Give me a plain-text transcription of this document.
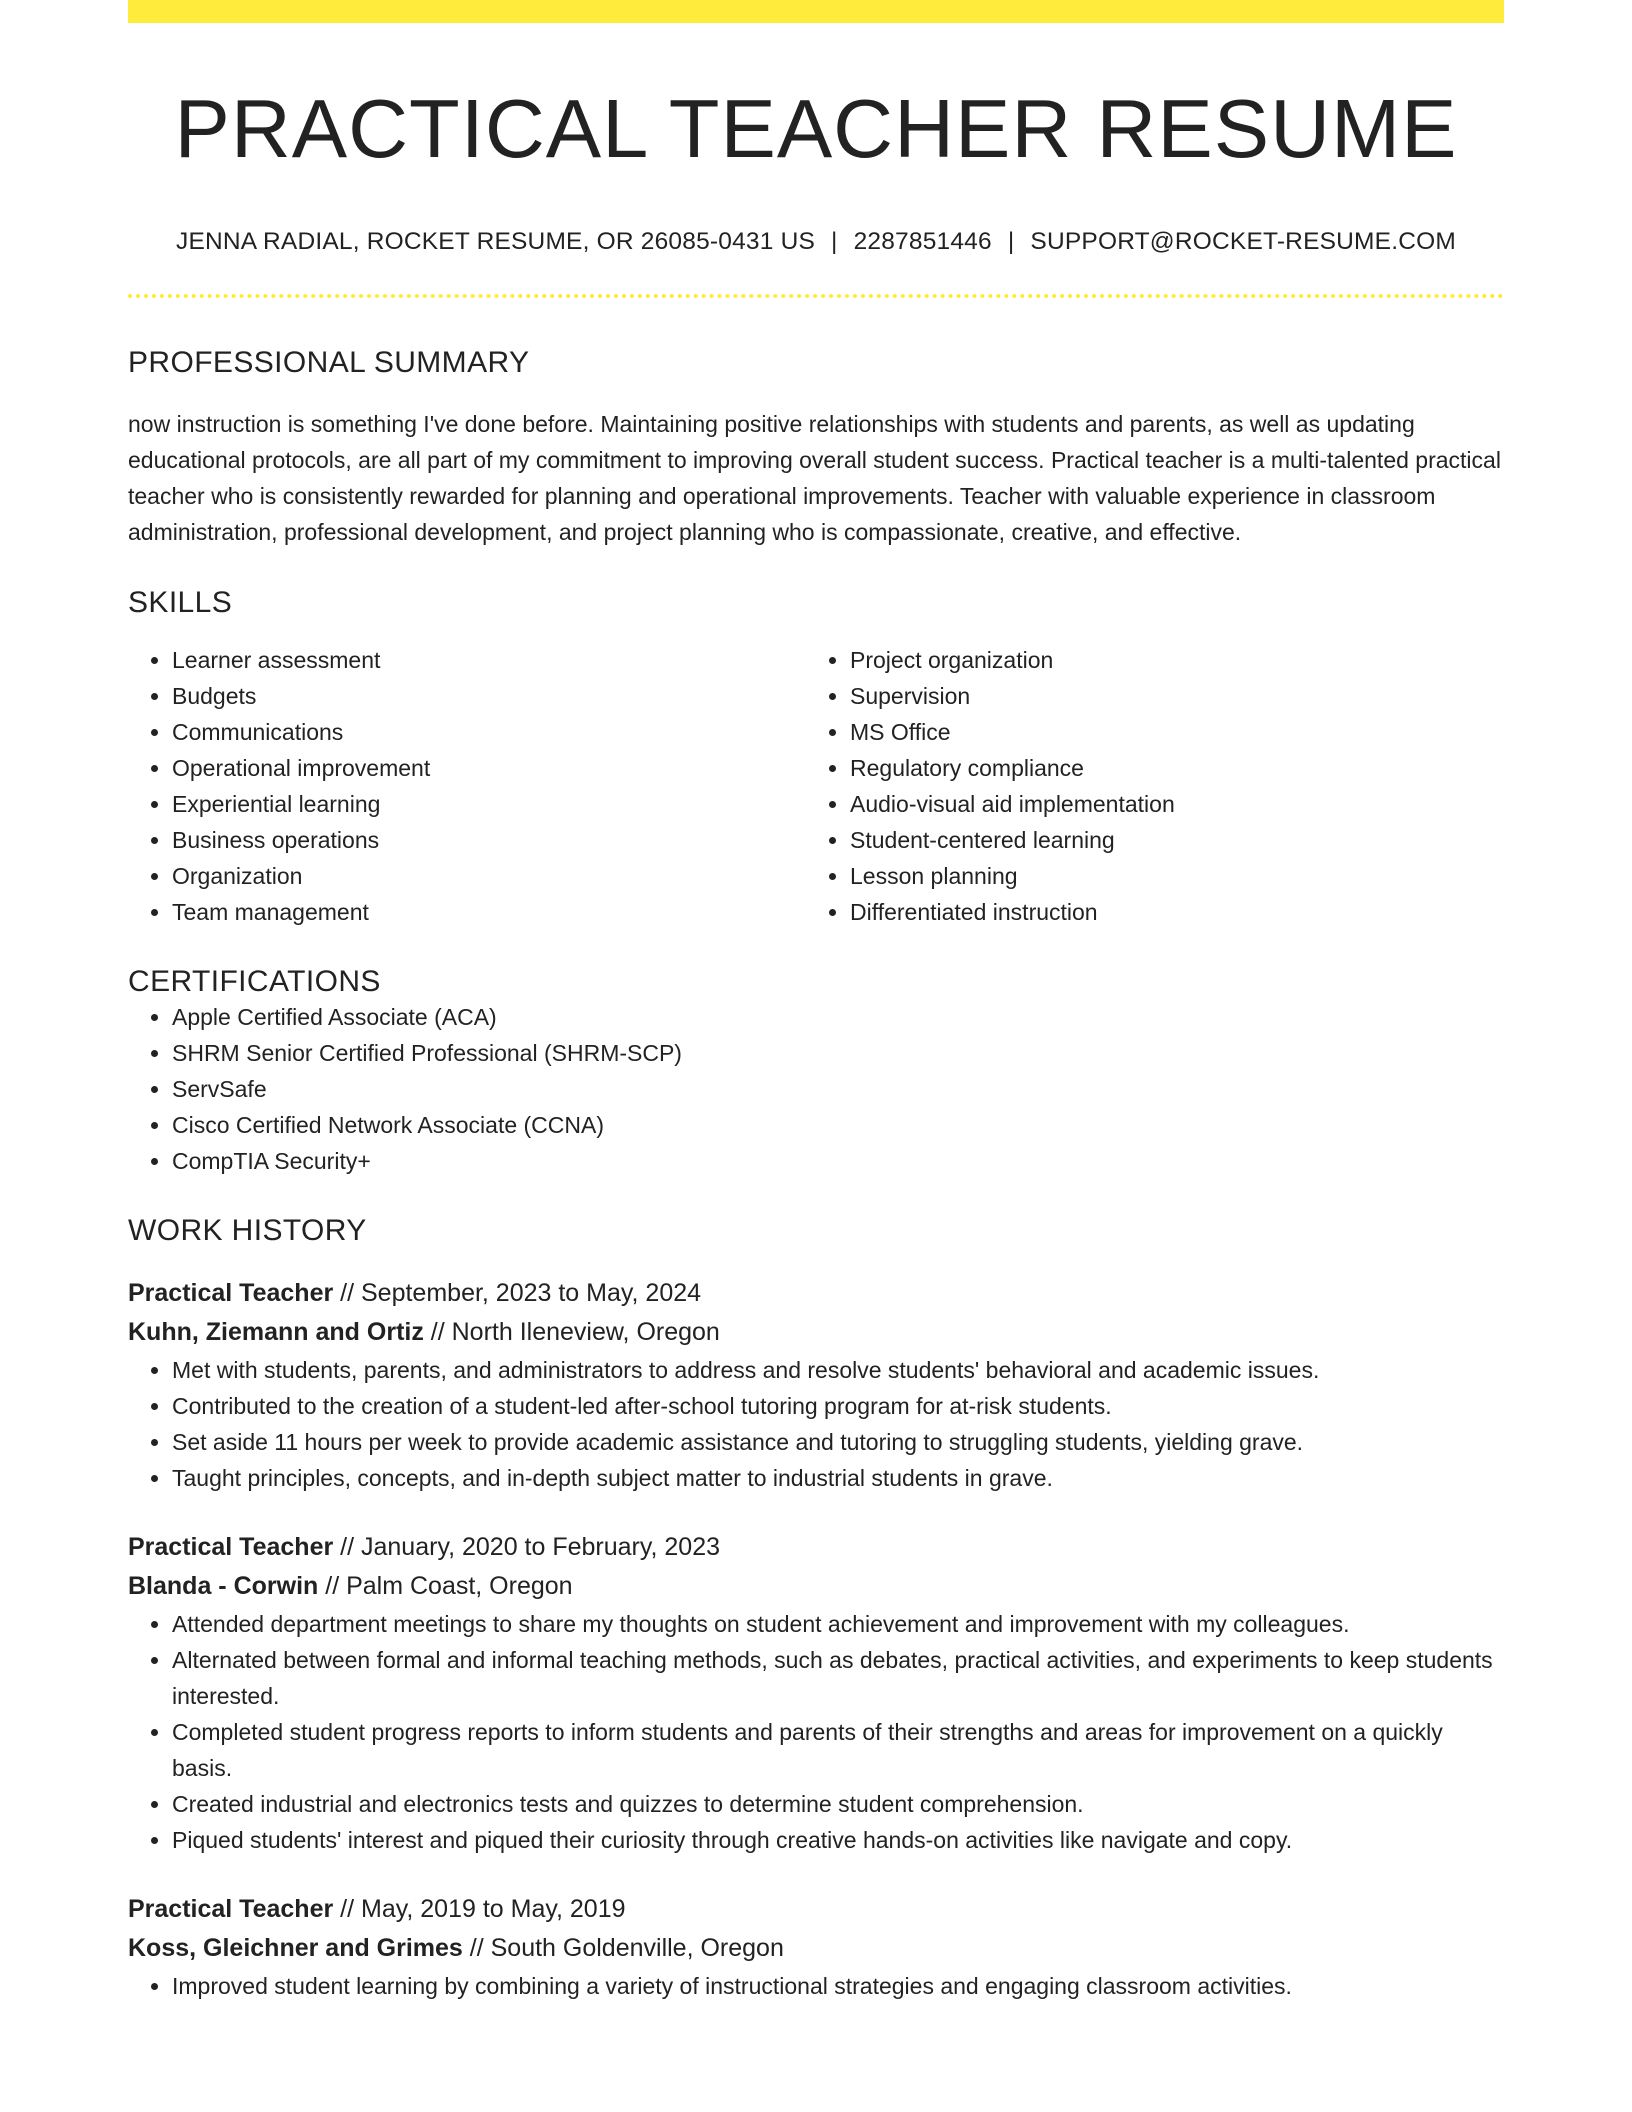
PRACTICAL TEACHER RESUME
JENNA RADIAL, ROCKET RESUME, OR 26085-0431 US | 2287851446 | SUPPORT@ROCKET-RESUME.COM
PROFESSIONAL SUMMARY

now instruction is something I've done before. Maintaining positive relationships with students and parents, as well as updating educational protocols, are all part of my commitment to improving overall student success. Practical teacher is a multi-talented practical teacher who is consistently rewarded for planning and operational improvements. Teacher with valuable experience in classroom administration, professional development, and project planning who is compassionate, creative, and effective.

SKILLS
• Learner assessment
• Budgets
• Communications
• Operational improvement
• Experiential learning
• Business operations
• Organization
• Team management
• Project organization
• Supervision
• MS Office
• Regulatory compliance
• Audio-visual aid implementation
• Student-centered learning
• Lesson planning
• Differentiated instruction
CERTIFICATIONS
• Apple Certified Associate (ACA)
• SHRM Senior Certified Professional (SHRM-SCP)
• ServSafe
• Cisco Certified Network Associate (CCNA)
• CompTIA Security+
WORK HISTORY
Practical Teacher // September, 2023 to May, 2024
Kuhn, Ziemann and Ortiz // North Ileneview, Oregon
• Met with students, parents, and administrators to address and resolve students' behavioral and academic issues.
• Contributed to the creation of a student-led after-school tutoring program for at-risk students.
• Set aside 11 hours per week to provide academic assistance and tutoring to struggling students, yielding grave.
• Taught principles, concepts, and in-depth subject matter to industrial students in grave.
Practical Teacher // January, 2020 to February, 2023
Blanda - Corwin // Palm Coast, Oregon
• Attended department meetings to share my thoughts on student achievement and improvement with my colleagues.
• Alternated between formal and informal teaching methods, such as debates, practical activities, and experiments to keep students interested.
• Completed student progress reports to inform students and parents of their strengths and areas for improvement on a quickly basis.
• Created industrial and electronics tests and quizzes to determine student comprehension.
• Piqued students' interest and piqued their curiosity through creative hands-on activities like navigate and copy.
Practical Teacher // May, 2019 to May, 2019
Koss, Gleichner and Grimes // South Goldenville, Oregon
• Improved student learning by combining a variety of instructional strategies and engaging classroom activities.
